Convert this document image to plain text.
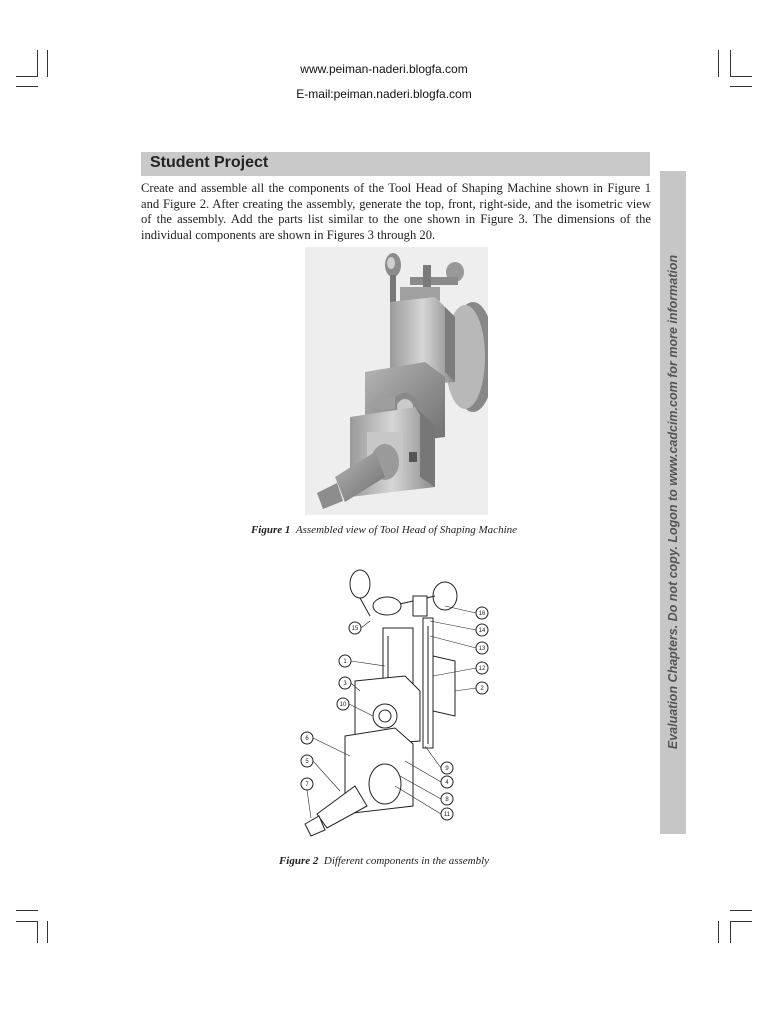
www.peiman-naderi.blogfa.com
E-mail:peiman.naderi.blogfa.com
Student Project

Create and assemble all the components of the Tool Head of Shaping Machine shown in Figure 1 and Figure 2. After creating the assembly, generate the top, front, right-side, and the isometric view of the assembly. Add the parts list similar to the one shown in Figure 3. The dimensions of the individual components are shown in Figures 3 through 20.

Evaluation Chapters. Do not copy. Logon to www.cadcim.com for more information
Figure 1 Assembled view of Tool Head of Shaping Machine
15
16
14
13
1
12
3
2
10
6
9
5
4
8
7
11
Figure 2 Different components in the assembly
